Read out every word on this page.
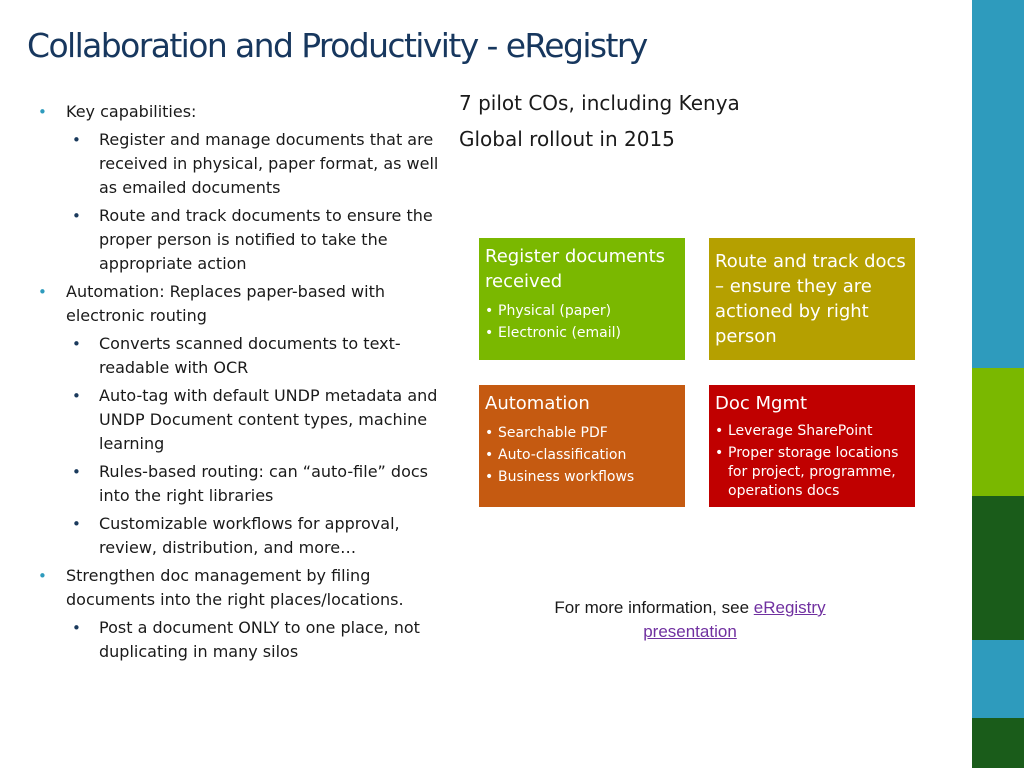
Collaboration and Productivity - eRegistry
• Key capabilities:
• Register and manage documents that are received in physical, paper format, as well as emailed documents
• Route and track documents to ensure the proper person is notified to take the appropriate action
• Automation: Replaces paper-based with electronic routing
• Converts scanned documents to text-readable with OCR
• Auto-tag with default UNDP metadata and UNDP Document content types, machine learning
• Rules-based routing: can “auto-file” docs into the right libraries
• Customizable workflows for approval, review, distribution, and more…
• Strengthen doc management by filing documents into the right places/locations.
• Post a document ONLY to one place, not duplicating in many silos
7 pilot COs, including Kenya
Global rollout in 2015
Register documents received
• Physical (paper)
• Electronic (email)
Route and track docs – ensure they are actioned by right person
Automation
• Searchable PDF
• Auto-classification
• Business workflows
Doc Mgmt
• Leverage SharePoint
• Proper storage locations for project, programme, operations docs
For more information, see eRegistry presentation
